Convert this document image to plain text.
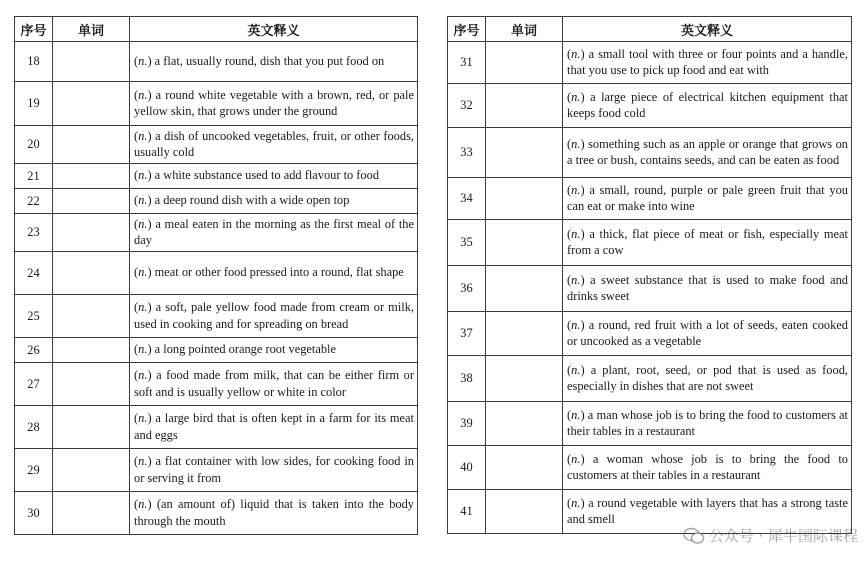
序号	单词	英文释义
18		(n.) a flat, usually round, dish that you put food on
19		(n.) a round white vegetable with a brown, red, or pale yellow skin, that grows under the ground
20		(n.) a dish of uncooked vegetables, fruit, or other foods, usually cold
21		(n.) a white substance used to add flavour to food
22		(n.) a deep round dish with a wide open top
23		(n.) a meal eaten in the morning as the first meal of the day
24		(n.) meat or other food pressed into a round, flat shape
25		(n.) a soft, pale yellow food made from cream or milk, used in cooking and for spreading on bread
26		(n.) a long pointed orange root vegetable
27		(n.) a food made from milk, that can be either firm or soft and is usually yellow or white in color
28		(n.) a large bird that is often kept in a farm for its meat and eggs
29		(n.) a flat container with low sides, for cooking food in or serving it from
30		(n.) (an amount of) liquid that is taken into the body through the mouth
序号	单词	英文释义
31		(n.) a small tool with three or four points and a handle, that you use to pick up food and eat with
32		(n.) a large piece of electrical kitchen equipment that keeps food cold
33		(n.) something such as an apple or orange that grows on a tree or bush, contains seeds, and can be eaten as food
34		(n.) a small, round, purple or pale green fruit that you can eat or make into wine
35		(n.) a thick, flat piece of meat or fish, especially meat from a cow
36		(n.) a sweet substance that is used to make food and drinks sweet
37		(n.) a round, red fruit with a lot of seeds, eaten cooked or uncooked as a vegetable
38		(n.) a plant, root, seed, or pod that is used as food, especially in dishes that are not sweet
39		(n.) a man whose job is to bring the food to customers at their tables in a restaurant
40		(n.) a woman whose job is to bring the food to customers at their tables in a restaurant
41		(n.) a round vegetable with layers that has a strong taste and smell
公众号 · 犀牛国际课程
